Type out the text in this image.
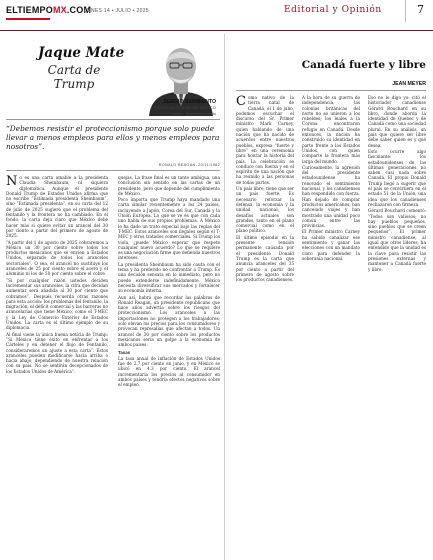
ELTIEMPOMX.COM
LUNES 14 • JULIO • 2025	Editorial y Opinión	7
Jaque Mate
Carta de
Trump
SERGIO SARMIENTO
DESDE LA CIUDAD DE MÉXICO
Twitter: @sergiosarmiento
“Debemos resistir el proteccionismo porque solo puede llevar a menos empleos para ellos y menos empleos para nosotros”.
RONALD REAGAN, 20/11/1982
N o es una carta amable a la presidenta Claudia Sheinbaum, ni siquiera diplomática. Aunque el presidente Donald Trump de Estados Unidos afirma que no escribe “Estimada presidenta Sheinbaum”, sino “Estimada presidenta”, en su carta del 12 de julio de 2025 sugiere que el problema del fentanilo y la frontera no ha cambiado. En el fondo, la carta deja claro que México debe hacer más si quiere evitar un arancel del 30 por ciento a partir del primero de agosto de 2025.

“A partir del 1 de agosto de 2025 cobraremos a México un 30 por ciento sobre todos los productos mexicanos que se envíen a Estados Unidos, separado de todos los aranceles sectoriales”. O sea, el arancel no sustituye los aranceles de 25 por ciento sobre el acero y el aluminio ni los de 50 por ciento sobre el cobre.

“Si por cualquier razón ustedes deciden incrementar sus aranceles, la cifra que decidan aumentar será añadida al 30 por ciento que cobramos”. Después recuerda otras razones para esta acción: los problemas del fentanilo, la migración, el déficit comercial y las barreras no arancelarias que tiene México, como el T-MEC y la Ley de Comercio Exterior de Estados Unidos. La carta es el último ejemplo de su diplomacia.

Al final viene la única buena noticia de Trump: “Si México tiene éxito en enfrentar a los Cárteles y en detener el flujo de Fentanilo, consideraremos un ajuste a esta carta”. Estos aranceles pueden modificarse hacia arriba o hacia abajo, dependiendo de nuestra relación con su país. No se sentirán decepcionados de los Estados Unidos de América”.

quejas. La frase final es un tanto ambigua, una conclusión sin sentido en las cartas de un presidente, pero que depende del cumplimiento de México.

Poco importa que Trump haya mandado una carta similar recientemente a los 24 países, incluyendo a Japón, Corea del Sur, Canadá y la Unión Europea. Lo que se ve es que con cada uno habla de sus propios problemas. A México le ha dado un trato especial bajo las reglas del T-MEC. Estos aranceles son ilegales según el T-MEC y otros tratados comerciales. Si Trump los viola, ¿puede México esperar que respete cualquier nuevo acuerdo? Lo que se requiere es una negociación firme que defienda nuestros intereses.

La presidenta Sheinbaum ha sido cauta con el tema y ha preferido no confrontar a Trump. Es una decisión sensata en lo inmediato, pero no puede extenderse indefinidamente. México necesita diversificar sus mercados y fortalecer su economía interna.

Aun así, habrá que recordar las palabras de Ronald Reagan, un presidente republicano que hace años advertía sobre los riesgos del proteccionismo. Los aranceles a las importaciones no protegen a los trabajadores; solo elevan los precios para los consumidores y provocan represalias que afectan a todos. Un arancel de 30 por ciento sobre los productos mexicanos sería un golpe a la economía de ambos países.

Tasas

La tasa anual de inflación de Estados Unidos fue de 2.7 por ciento en junio, y en México se ubicó en 4.3 por ciento. El arancel incrementaría los precios al consumidor en ambos países y tendría efectos negativos sobre el empleo.

Canadá fuerte y libre
JEAN MEYER
C omo nativo de la tierra natal de Canadá, el 1 de julio, podemos escuchar el discurso del Sr. Primer ministro Mark Carney, quien hablando de una nación que ha nacido de acuerdos entre nuestros pueblos, expresa “fuerte y libre” en una ceremonia para honrar la historia del país. La celebración se conduce con fuerza y en el espíritu de una nación que ha reunido a las personas de todas partes.

Un país libre, tiene que ser un país fuerte. Es necesario reforzar la defensa, la economía y la unidad nacional; los desafíos actuales son grandes, tanto en el plano comercial como en el plano político.

El último episodio en la presente tensión permanente causada por el presidente Donald Trump es la carta que anuncia aranceles del 35 por ciento a partir del primero de agosto sobre los productos canadienses.

A la hora de su guerra de independencia, las colonias británicas del norte no se unieron a los rebeldes; los leales a la Corona encontraron refugio en Canadá. Desde entonces, la nación ha construido su identidad en parte frente a los Estados Unidos, con quien comparte la frontera más larga del mundo.

Curiosamente, la agresión del presidente estadounidense ha renovado el sentimiento nacional, y los canadienses han respondido con fuerza. Han dejado de comprar productos americanos, han cancelado viajes y han mostrado una unidad poco común entre las provincias.

El Primer ministro Carney ha sabido canalizar ese sentimiento y ganar las elecciones con un mandato claro para defender la soberanía nacional.

Eso no lo digo yo: citó el historiador canadiense Gérard Bouchard en su libro, donde aborda la identidad de Quebec y de Canadá como una sociedad plural. En su análisis, un país que quiere ser libre debe saber quién es y qué desea.

Esto ocurre algo fascinante: los estadounidenses de las últimas generaciones no saben casi nada sobre Canadá. El propio Donald Trump llegó a sugerir que el país se convirtiera en el estado 51 de la Unión, una idea que los canadienses rechazaron con firmeza.

Gérard Bouchard comentó: “Todos son valiosos; no hay pueblos pequeños, sino pueblos que se creen pequeños”. El primer ministro canadiense, al igual que otros líderes, ha entendido que la unidad es la clave para resistir las presiones externas y mantener a Canadá fuerte y libre.
